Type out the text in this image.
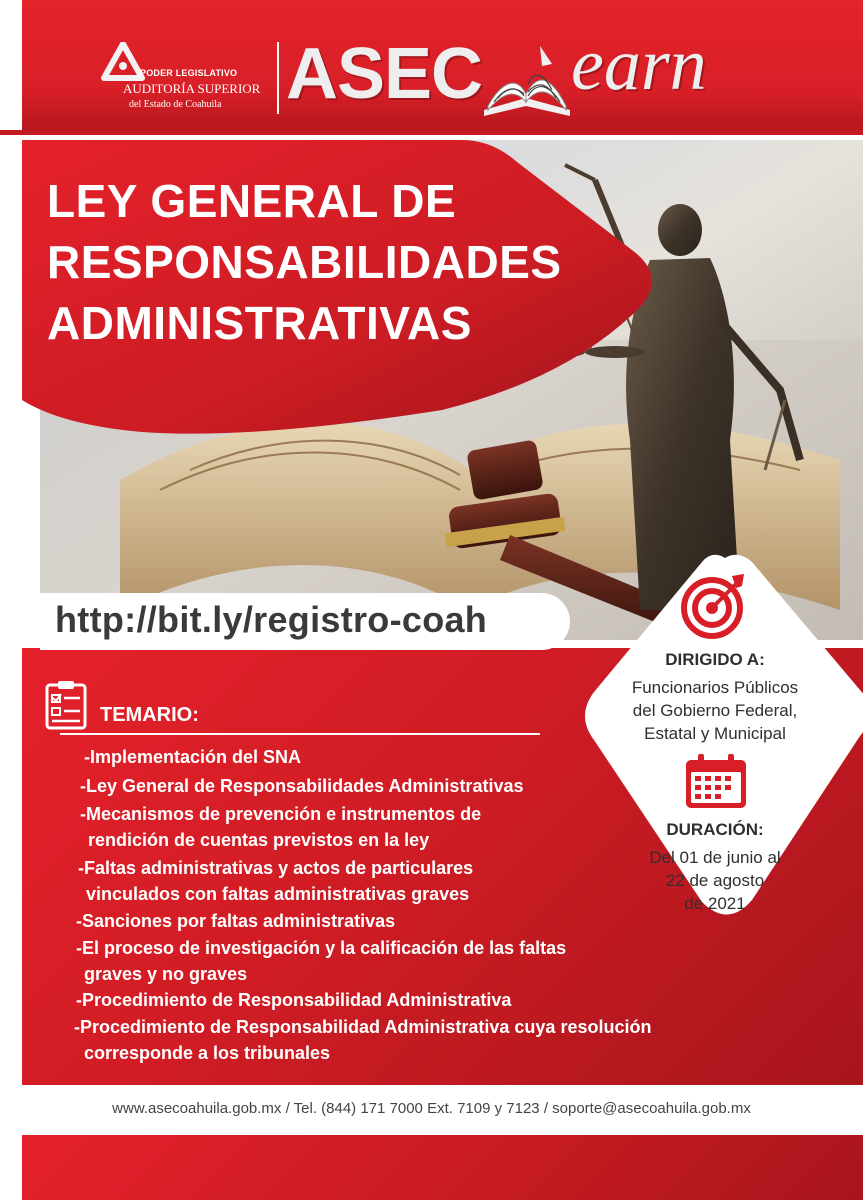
PODER LEGISLATIVO
AUDITORÍA SUPERIOR
del Estado de Coahuila ASEC earn
LEY GENERAL DE
RESPONSABILIDADES
ADMINISTRATIVAS
http://bit.ly/registro-coah
TEMARIO:
-Implementación del SNA
-Ley General de Responsabilidades Administrativas
-Mecanismos de prevención e instrumentos de
rendición de cuentas previstos en la ley
-Faltas administrativas y actos de particulares
vinculados con faltas administrativas graves
-Sanciones por faltas administrativas
-El proceso de investigación y la calificación de las faltas
graves y no graves
-Procedimiento de Responsabilidad Administrativa
-Procedimiento de Responsabilidad Administrativa cuya resolución
corresponde a los tribunales
DIRIGIDO A:
Funcionarios Públicos
del Gobierno Federal,
Estatal y Municipal
DURACIÓN:
Del 01 de junio al
22 de agosto
de 2021
www.asecoahuila.gob.mx / Tel. (844) 171 7000 Ext. 7109 y 7123 / soporte@asecoahuila.gob.mx
